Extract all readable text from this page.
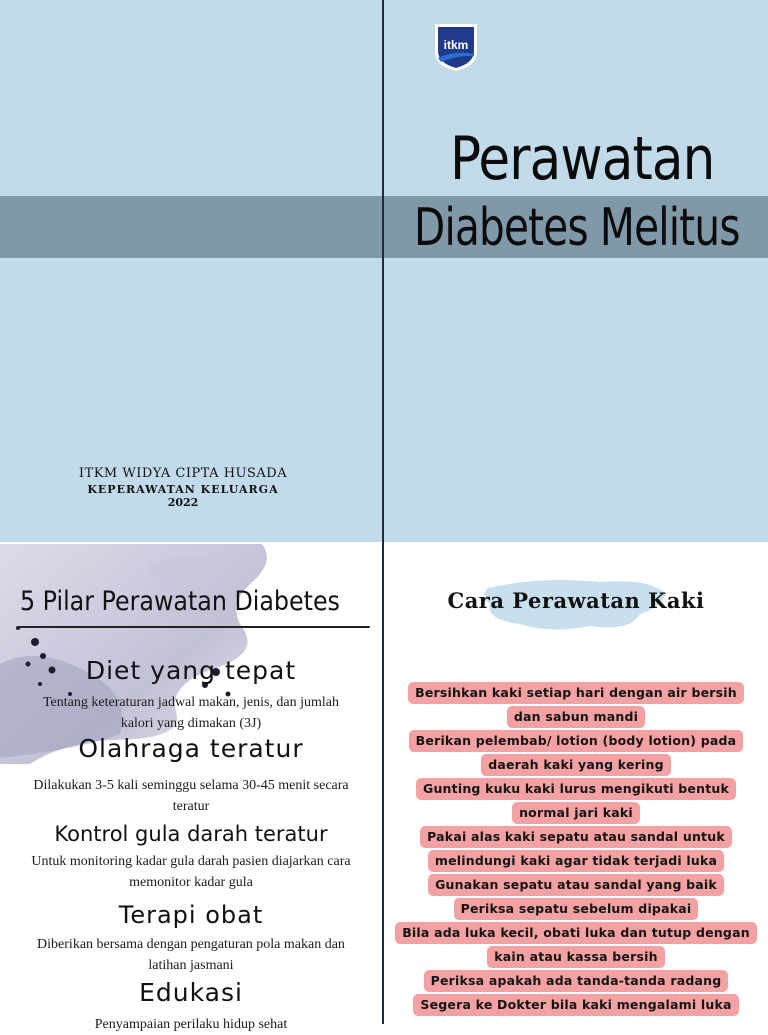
itkm
Perawatan
Diabetes Melitus
ITKM WIDYA CIPTA HUSADA
KEPERAWATAN KELUARGA
2022
5 Pilar Perawatan Diabetes
Diet yang tepat
Tentang keteraturan jadwal makan, jenis, dan jumlah kalori yang dimakan (3J)
Olahraga teratur
Dilakukan 3-5 kali seminggu selama 30-45 menit secara teratur
Kontrol gula darah teratur
Untuk monitoring kadar gula darah pasien diajarkan cara memonitor kadar gula
Terapi obat
Diberikan bersama dengan pengaturan pola makan dan latihan jasmani
Edukasi
Penyampaian perilaku hidup sehat
Cara Perawatan Kaki
Bersihkan kaki setiap hari dengan air bersih
dan sabun mandi
Berikan pelembab/ lotion (body lotion) pada
daerah kaki yang kering
Gunting kuku kaki lurus mengikuti bentuk
normal jari kaki
Pakai alas kaki sepatu atau sandal untuk
melindungi kaki agar tidak terjadi luka
Gunakan sepatu atau sandal yang baik
Periksa sepatu sebelum dipakai
Bila ada luka kecil, obati luka dan tutup dengan
kain atau kassa bersih
Periksa apakah ada tanda-tanda radang
Segera ke Dokter bila kaki mengalami luka
